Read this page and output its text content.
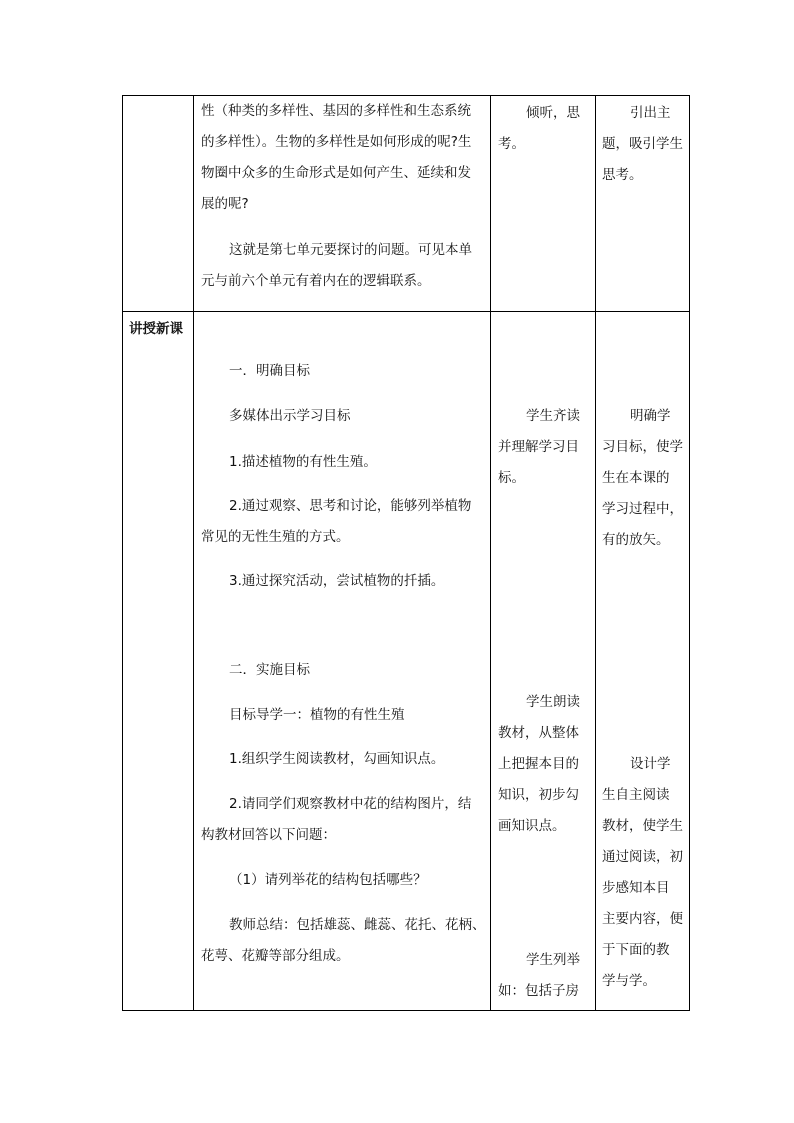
性（种类的多样性、基因的多样性和生态系统

的多样性）。生物的多样性是如何形成的呢?生

物圈中众多的生命形式是如何产生、延续和发

展的呢?

这就是第七单元要探讨的问题。可见本单

元与前六个单元有着内在的逻辑联系。

倾听，思

考。

引出主

题，吸引学生

思考。

讲授新课

一．明确目标

多媒体出示学习目标

1.描述植物的有性生殖。

2.通过观察、思考和讨论，能够列举植物

常见的无性生殖的方式。

3.通过探究活动，尝试植物的扦插。

二．实施目标

目标导学一：植物的有性生殖

1.组织学生阅读教材，勾画知识点。

2.请同学们观察教材中花的结构图片，结

构教材回答以下问题：

（1）请列举花的结构包括哪些？

教师总结：包括雄蕊、雌蕊、花托、花柄、

花萼、花瓣等部分组成。

学生齐读

并理解学习目

标。

学生朗读

教材，从整体

上把握本目的

知识，初步勾

画知识点。

学生列举

如：包括子房

明确学

习目标，使学

生在本课的

学习过程中，

有的放矢。

设计学

生自主阅读

教材，使学生

通过阅读，初

步感知本目

主要内容，便

于下面的教

学与学。
